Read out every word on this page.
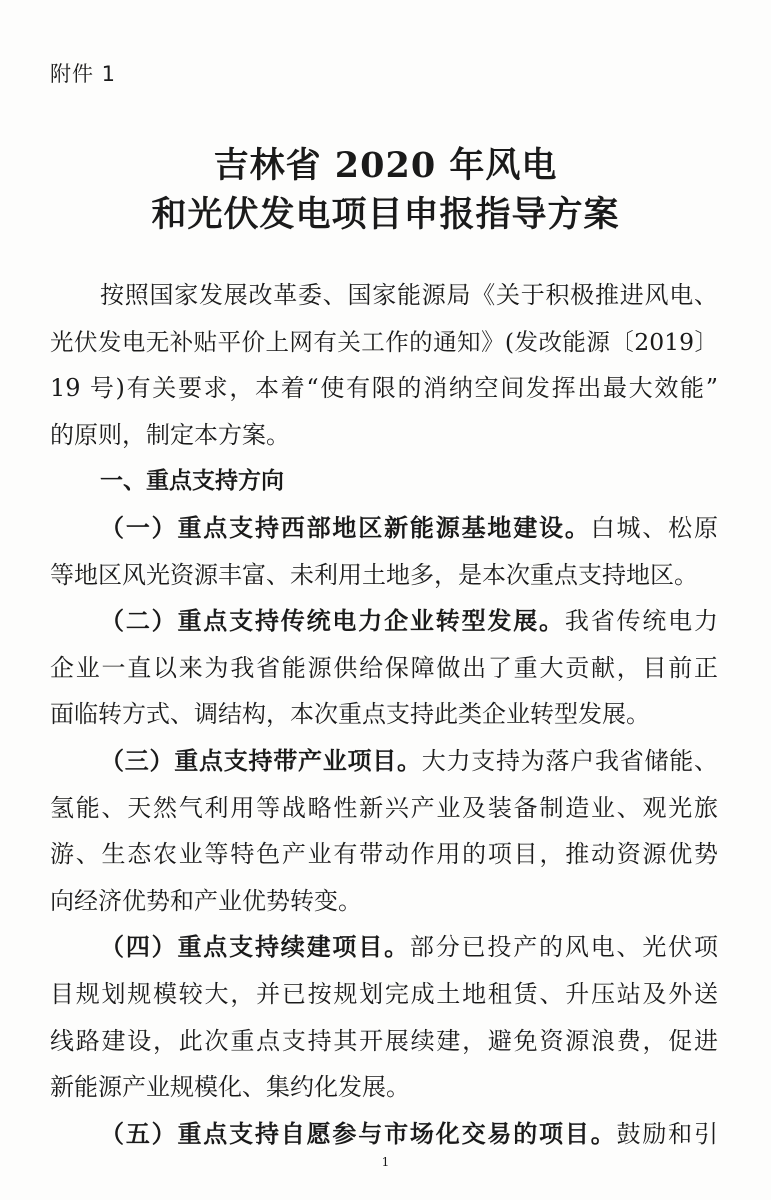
附件 1
吉林省 2020 年风电
和光伏发电项目申报指导方案
按照国家发展改革委、国家能源局《关于积极推进风电、
光伏发电无补贴平价上网有关工作的通知》(发改能源〔2019〕
19 号)有关要求，本着“使有限的消纳空间发挥出最大效能”
的原则，制定本方案。
一、重点支持方向
（一）重点支持西部地区新能源基地建设。白城、松原
等地区风光资源丰富、未利用土地多，是本次重点支持地区。
（二）重点支持传统电力企业转型发展。我省传统电力
企业一直以来为我省能源供给保障做出了重大贡献，目前正
面临转方式、调结构，本次重点支持此类企业转型发展。
（三）重点支持带产业项目。大力支持为落户我省储能、
氢能、天然气利用等战略性新兴产业及装备制造业、观光旅
游、生态农业等特色产业有带动作用的项目，推动资源优势
向经济优势和产业优势转变。
（四）重点支持续建项目。部分已投产的风电、光伏项
目规划规模较大，并已按规划完成土地租赁、升压站及外送
线路建设，此次重点支持其开展续建，避免资源浪费，促进
新能源产业规模化、集约化发展。
（五）重点支持自愿参与市场化交易的项目。鼓励和引
1
